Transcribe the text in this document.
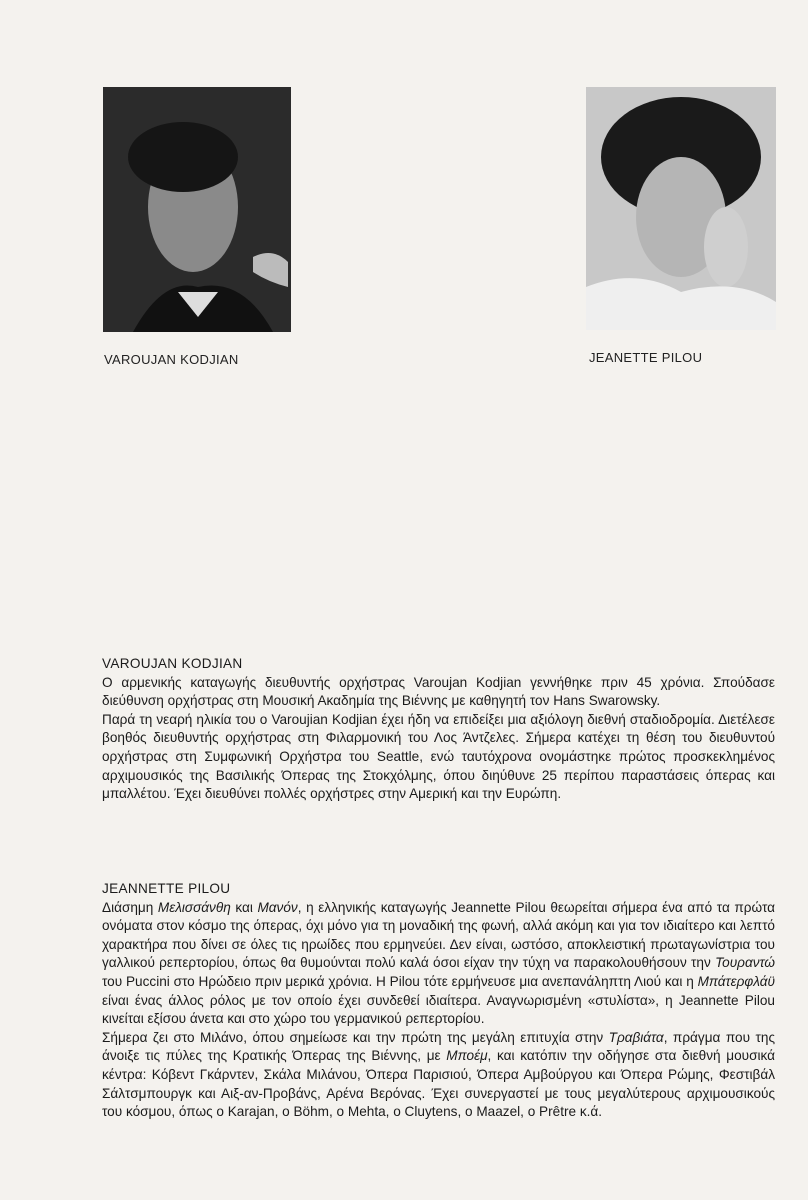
VAROUJAN KODJIAN	JEANETTE PILOU
VAROUJAN KODJIAN

Ο αρμενικής καταγωγής διευθυντής ορχήστρας Varoujan Kodjian γεννήθηκε πριν 45 χρόνια. Σπούδασε διεύθυνση ορχήστρας στη Μουσική Ακαδημία της Βιέννης με καθηγητή τον Hans Swarowsky.

Παρά τη νεαρή ηλικία του ο Varoujian Kodjian έχει ήδη να επιδείξει μια αξιόλογη διεθνή σταδιοδρομία. Διετέλεσε βοηθός διευθυντής ορχήστρας στη Φιλαρμονική του Λος Άντζελες. Σήμερα κατέχει τη θέση του διευθυντού ορχήστρας στη Συμφωνική Ορχήστρα του Seattle, ενώ ταυτόχρονα ονομάστηκε πρώτος προσκεκλημένος αρχιμουσικός της Βασιλικής Όπερας της Στοκχόλμης, όπου διηύθυνε 25 περίπου παραστάσεις όπερας και μπαλλέτου. Έχει διευθύνει πολλές ορχήστρες στην Αμερική και την Ευρώπη.

JEANNETTE PILOU

Διάσημη Μελισσάνθη και Μανόν, η ελληνικής καταγωγής Jeannette Pilou θεωρείται σήμερα ένα από τα πρώτα ονόματα στον κόσμο της όπερας, όχι μόνο για τη μοναδική της φωνή, αλλά ακόμη και για τον ιδιαίτερο και λεπτό χαρακτήρα που δίνει σε όλες τις ηρωίδες που ερμηνεύει. Δεν είναι, ωστόσο, αποκλειστική πρωταγωνίστρια του γαλλικού ρεπερτορίου, όπως θα θυμούνται πολύ καλά όσοι είχαν την τύχη να παρακολουθήσουν την Τουραντώ του Puccini στο Ηρώδειο πριν μερικά χρόνια. Η Pilou τότε ερμήνευσε μια ανεπανάληπτη Λιού και η Μπάτερφλάϋ είναι ένας άλλος ρόλος με τον οποίο έχει συνδεθεί ιδιαίτερα. Αναγνωρισμένη «στυλίστα», η Jeannette Pilou κινείται εξίσου άνετα και στο χώρο του γερμανικού ρεπερτορίου.

Σήμερα ζει στο Μιλάνο, όπου σημείωσε και την πρώτη της μεγάλη επιτυχία στην Τραβιάτα, πράγμα που της άνοιξε τις πύλες της Κρατικής Όπερας της Βιέννης, με Μποέμ, και κατόπιν την οδήγησε στα διεθνή μουσικά κέντρα: Κόβεντ Γκάρντεν, Σκάλα Μιλάνου, Όπερα Παρισιού, Όπερα Αμβούργου και Όπερα Ρώμης, Φεστιβάλ Σάλτσμπουργκ και Αιξ-αν-Προβάνς, Αρένα Βερόνας. Έχει συνεργαστεί με τους μεγαλύτερους αρχιμουσικούς του κόσμου, όπως ο Karajan, ο Böhm, ο Mehta, ο Cluytens, ο Maazel, ο Prêtre κ.ά.
